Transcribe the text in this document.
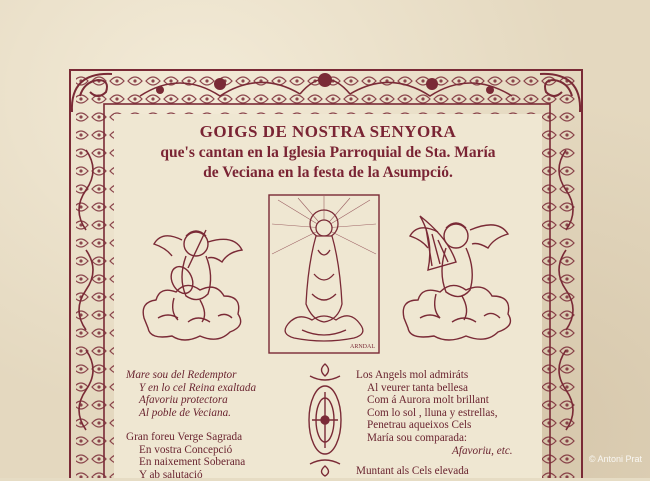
GOIGS DE NOSTRA SENYORA
que's cantan en la Iglesia Parroquial de Sta. María
de Veciana en la festa de la Asumpció.
ARNDAL
Mare sou del Redemptor
Y en lo cel Reina exaltada
Afavoriu protectora
Al poble de Veciana.
Gran foreu Verge Sagrada
En vostra Concepció
En naixement Soberana
Y ab salutació
Los Angels mol admiráts
Al veurer tanta bellesa
Com á Aurora molt brillant
Com lo sol , lluna y estrellas,
Penetrau aqueixos Cels
María sou comparada:
Afavoriu, etc.
Muntant als Cels elevada
© Antoni Prat
